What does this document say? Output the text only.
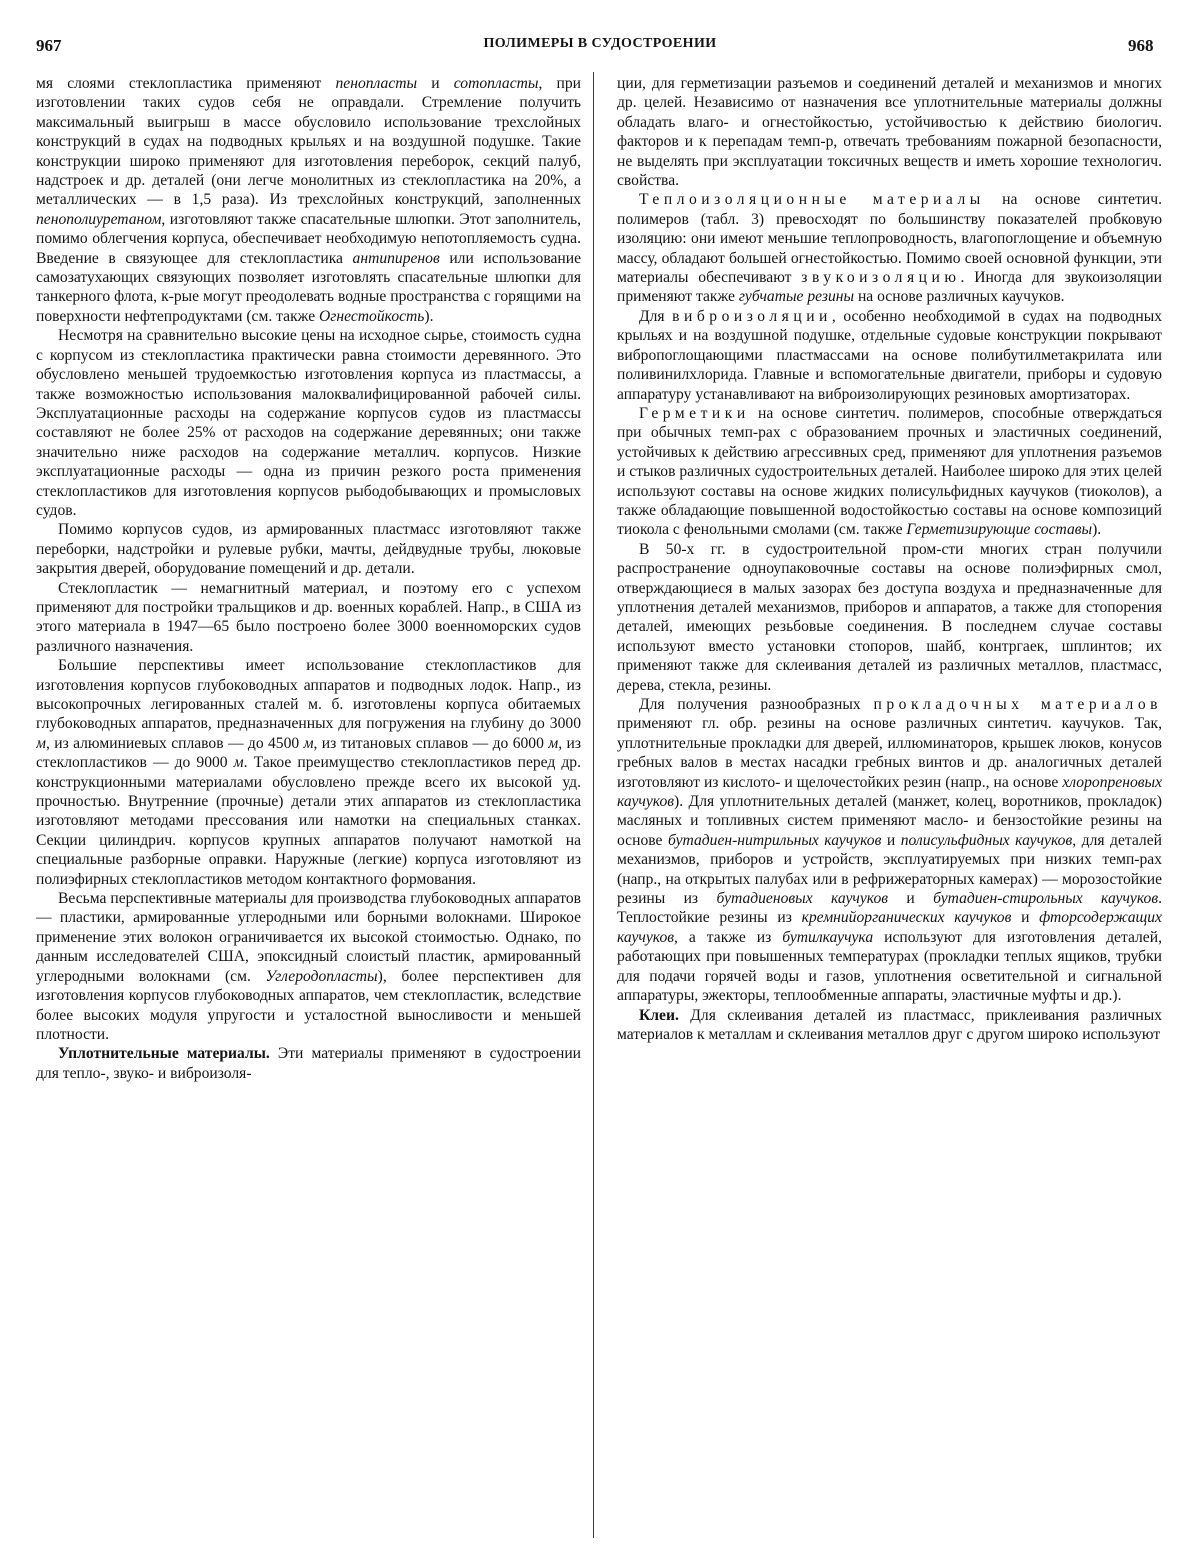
967	ПОЛИМЕРЫ В СУДОСТРОЕНИИ	968

мя слоями стеклопластика применяют пенопласты и сотопласты, при изготовлении таких судов себя не оправдали. Стремление получить максимальный выигрыш в массе обусловило использование трехслойных конструкций в судах на подводных крыльях и на воздушной подушке. Такие конструкции широко применяют для изготовления переборок, секций палуб, надстроек и др. деталей (они легче монолитных из стеклопластика на 20%, а металлических — в 1,5 раза). Из трехслойных конструкций, заполненных пенополиуретаном, изготовляют также спасательные шлюпки. Этот заполнитель, помимо облегчения корпуса, обеспечивает необходимую непотопляемость судна. Введение в связующее для стеклопластика антипиренов или использование самозатухающих связующих позволяет изготовлять спасательные шлюпки для танкерного флота, к-рые могут преодолевать водные пространства с горящими на поверхности нефтепродуктами (см. также Огнестойкость).

Несмотря на сравнительно высокие цены на исходное сырье, стоимость судна с корпусом из стеклопластика практически равна стоимости деревянного. Это обусловлено меньшей трудоемкостью изготовления корпуса из пластмассы, а также возможностью использования малоквалифицированной рабочей силы. Эксплуатационные расходы на содержание корпусов судов из пластмассы составляют не более 25% от расходов на содержание деревянных; они также значительно ниже расходов на содержание металлич. корпусов. Низкие эксплуатационные расходы — одна из причин резкого роста применения стеклопластиков для изготовления корпусов рыбодобывающих и промысловых судов.

Помимо корпусов судов, из армированных пластмасс изготовляют также переборки, надстройки и рулевые рубки, мачты, дейдвудные трубы, люковые закрытия дверей, оборудование помещений и др. детали.

Стеклопластик — немагнитный материал, и поэтому его с успехом применяют для постройки тральщиков и др. военных кораблей. Напр., в США из этого материала в 1947—65 было построено более 3000 военноморских судов различного назначения.

Большие перспективы имеет использование стеклопластиков для изготовления корпусов глубоководных аппаратов и подводных лодок. Напр., из высокопрочных легированных сталей м. б. изготовлены корпуса обитаемых глубоководных аппаратов, предназначенных для погружения на глубину до 3000 м, из алюминиевых сплавов — до 4500 м, из титановых сплавов — до 6000 м, из стеклопластиков — до 9000 м. Такое преимущество стеклопластиков перед др. конструкционными материалами обусловлено прежде всего их высокой уд. прочностью. Внутренние (прочные) детали этих аппаратов из стеклопластика изготовляют методами прессования или намотки на специальных станках. Секции цилиндрич. корпусов крупных аппаратов получают намоткой на специальные разборные оправки. Наружные (легкие) корпуса изготовляют из полиэфирных стеклопластиков методом контактного формования.

Весьма перспективные материалы для производства глубоководных аппаратов — пластики, армированные углеродными или борными волокнами. Широкое применение этих волокон ограничивается их высокой стоимостью. Однако, по данным исследователей США, эпоксидный слоистый пластик, армированный углеродными волокнами (см. Углеродопласты), более перспективен для изготовления корпусов глубоководных аппаратов, чем стеклопластик, вследствие более высоких модуля упругости и усталостной выносливости и меньшей плотности.

Уплотнительные материалы. Эти материалы применяют в судостроении для тепло-, звуко- и виброизоля-

ции, для герметизации разъемов и соединений деталей и механизмов и многих др. целей. Независимо от назначения все уплотнительные материалы должны обладать влаго- и огнестойкостью, устойчивостью к действию биологич. факторов и к перепадам темп-р, отвечать требованиям пожарной безопасности, не выделять при эксплуатации токсичных веществ и иметь хорошие технологич. свойства.

Теплоизоляционные материалы на основе синтетич. полимеров (табл. 3) превосходят по большинству показателей пробковую изоляцию: они имеют меньшие теплопроводность, влагопоглощение и объемную массу, обладают большей огнестойкостью. Помимо своей основной функции, эти материалы обеспечивают звукоизоляцию. Иногда для звукоизоляции применяют также губчатые резины на основе различных каучуков.

Для виброизоляции, особенно необходимой в судах на подводных крыльях и на воздушной подушке, отдельные судовые конструкции покрывают вибропоглощающими пластмассами на основе полибутилметакрилата или поливинилхлорида. Главные и вспомогательные двигатели, приборы и судовую аппаратуру устанавливают на виброизолирующих резиновых амортизаторах.

Герметики на основе синтетич. полимеров, способные отверждаться при обычных темп-рах с образованием прочных и эластичных соединений, устойчивых к действию агрессивных сред, применяют для уплотнения разъемов и стыков различных судостроительных деталей. Наиболее широко для этих целей используют составы на основе жидких полисульфидных каучуков (тиоколов), а также обладающие повышенной водостойкостью составы на основе композиций тиокола с фенольными смолами (см. также Герметизирующие составы).

В 50-х гг. в судостроительной пром-сти многих стран получили распространение одноупаковочные составы на основе полиэфирных смол, отверждающиеся в малых зазорах без доступа воздуха и предназначенные для уплотнения деталей механизмов, приборов и аппаратов, а также для стопорения деталей, имеющих резьбовые соединения. В последнем случае составы используют вместо установки стопоров, шайб, контргаек, шплинтов; их применяют также для склеивания деталей из различных металлов, пластмасс, дерева, стекла, резины.

Для получения разнообразных прокладочных материалов применяют гл. обр. резины на основе различных синтетич. каучуков. Так, уплотнительные прокладки для дверей, иллюминаторов, крышек люков, конусов гребных валов в местах насадки гребных винтов и др. аналогичных деталей изготовляют из кислото- и щелочестойких резин (напр., на основе хлоропреновых каучуков). Для уплотнительных деталей (манжет, колец, воротников, прокладок) масляных и топливных систем применяют масло- и бензостойкие резины на основе бутадиен-нитрильных каучуков и полисульфидных каучуков, для деталей механизмов, приборов и устройств, эксплуатируемых при низких темп-рах (напр., на открытых палубах или в рефрижераторных камерах) — морозостойкие резины из бутадиеновых каучуков и бутадиен-стирольных каучуков. Теплостойкие резины из кремнийорганических каучуков и фторсодержащих каучуков, а также из бутилкаучука используют для изготовления деталей, работающих при повышенных температурах (прокладки теплых ящиков, трубки для подачи горячей воды и газов, уплотнения осветительной и сигнальной аппаратуры, эжекторы, теплообменные аппараты, эластичные муфты и др.).

Клеи. Для склеивания деталей из пластмасс, приклеивания различных материалов к металлам и склеивания металлов друг с другом широко используют
